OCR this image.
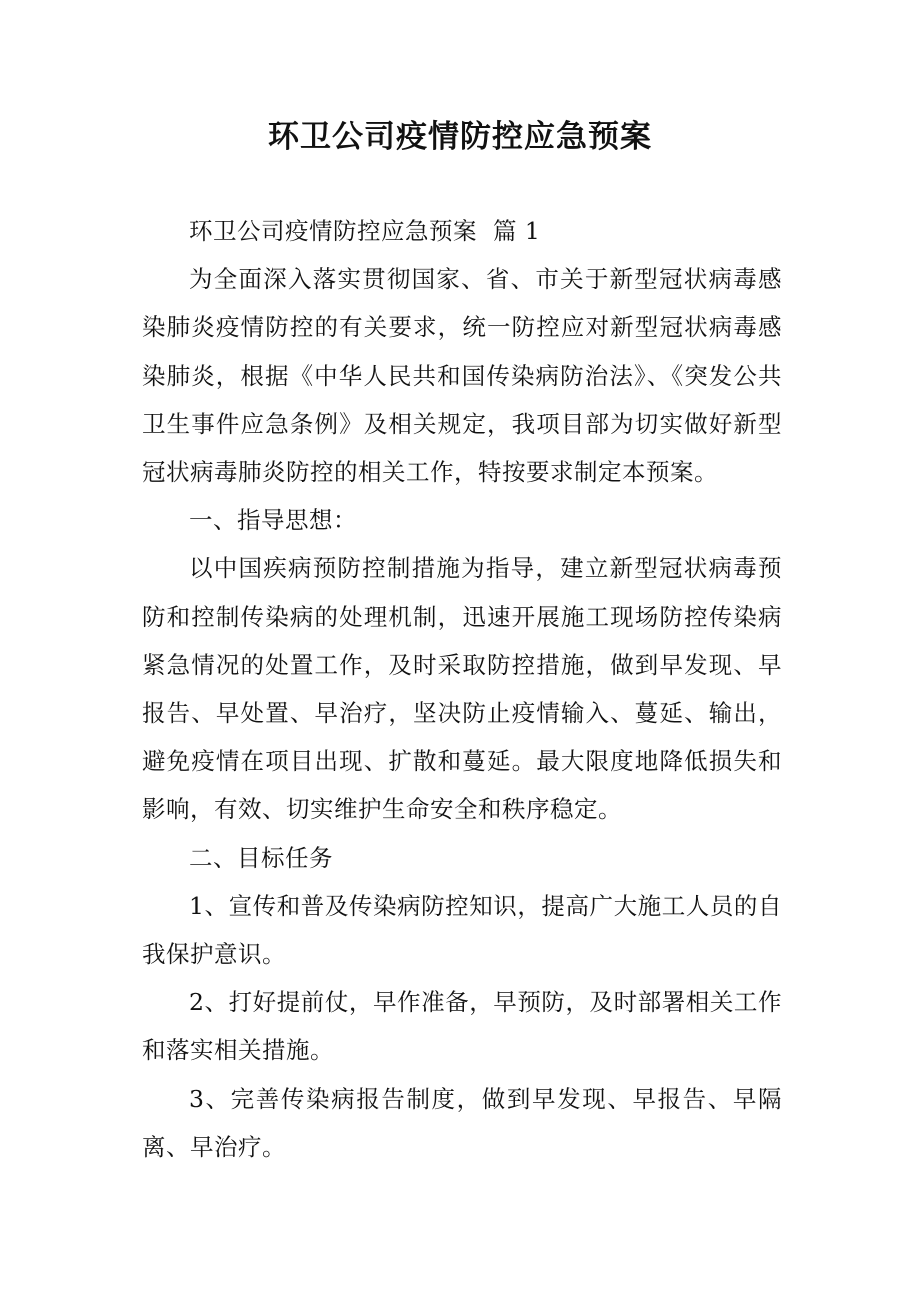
环卫公司疫情防控应急预案

环卫公司疫情防控应急预案  篇 1

为全面深入落实贯彻国家、省、市关于新型冠状病毒感染肺炎疫情防控的有关要求，统一防控应对新型冠状病毒感染肺炎，根据《中华人民共和国传染病防治法》、《突发公共卫生事件应急条例》及相关规定，我项目部为切实做好新型冠状病毒肺炎防控的相关工作，特按要求制定本预案。

一、指导思想：

以中国疾病预防控制措施为指导，建立新型冠状病毒预防和控制传染病的处理机制，迅速开展施工现场防控传染病紧急情况的处置工作，及时采取防控措施，做到早发现、早报告、早处置、早治疗，坚决防止疫情输入、蔓延、输出，避免疫情在项目出现、扩散和蔓延。最大限度地降低损失和影响，有效、切实维护生命安全和秩序稳定。

二、目标任务

1、宣传和普及传染病防控知识，提高广大施工人员的自我保护意识。

2、打好提前仗，早作准备，早预防，及时部署相关工作和落实相关措施。

3、完善传染病报告制度，做到早发现、早报告、早隔离、早治疗。
